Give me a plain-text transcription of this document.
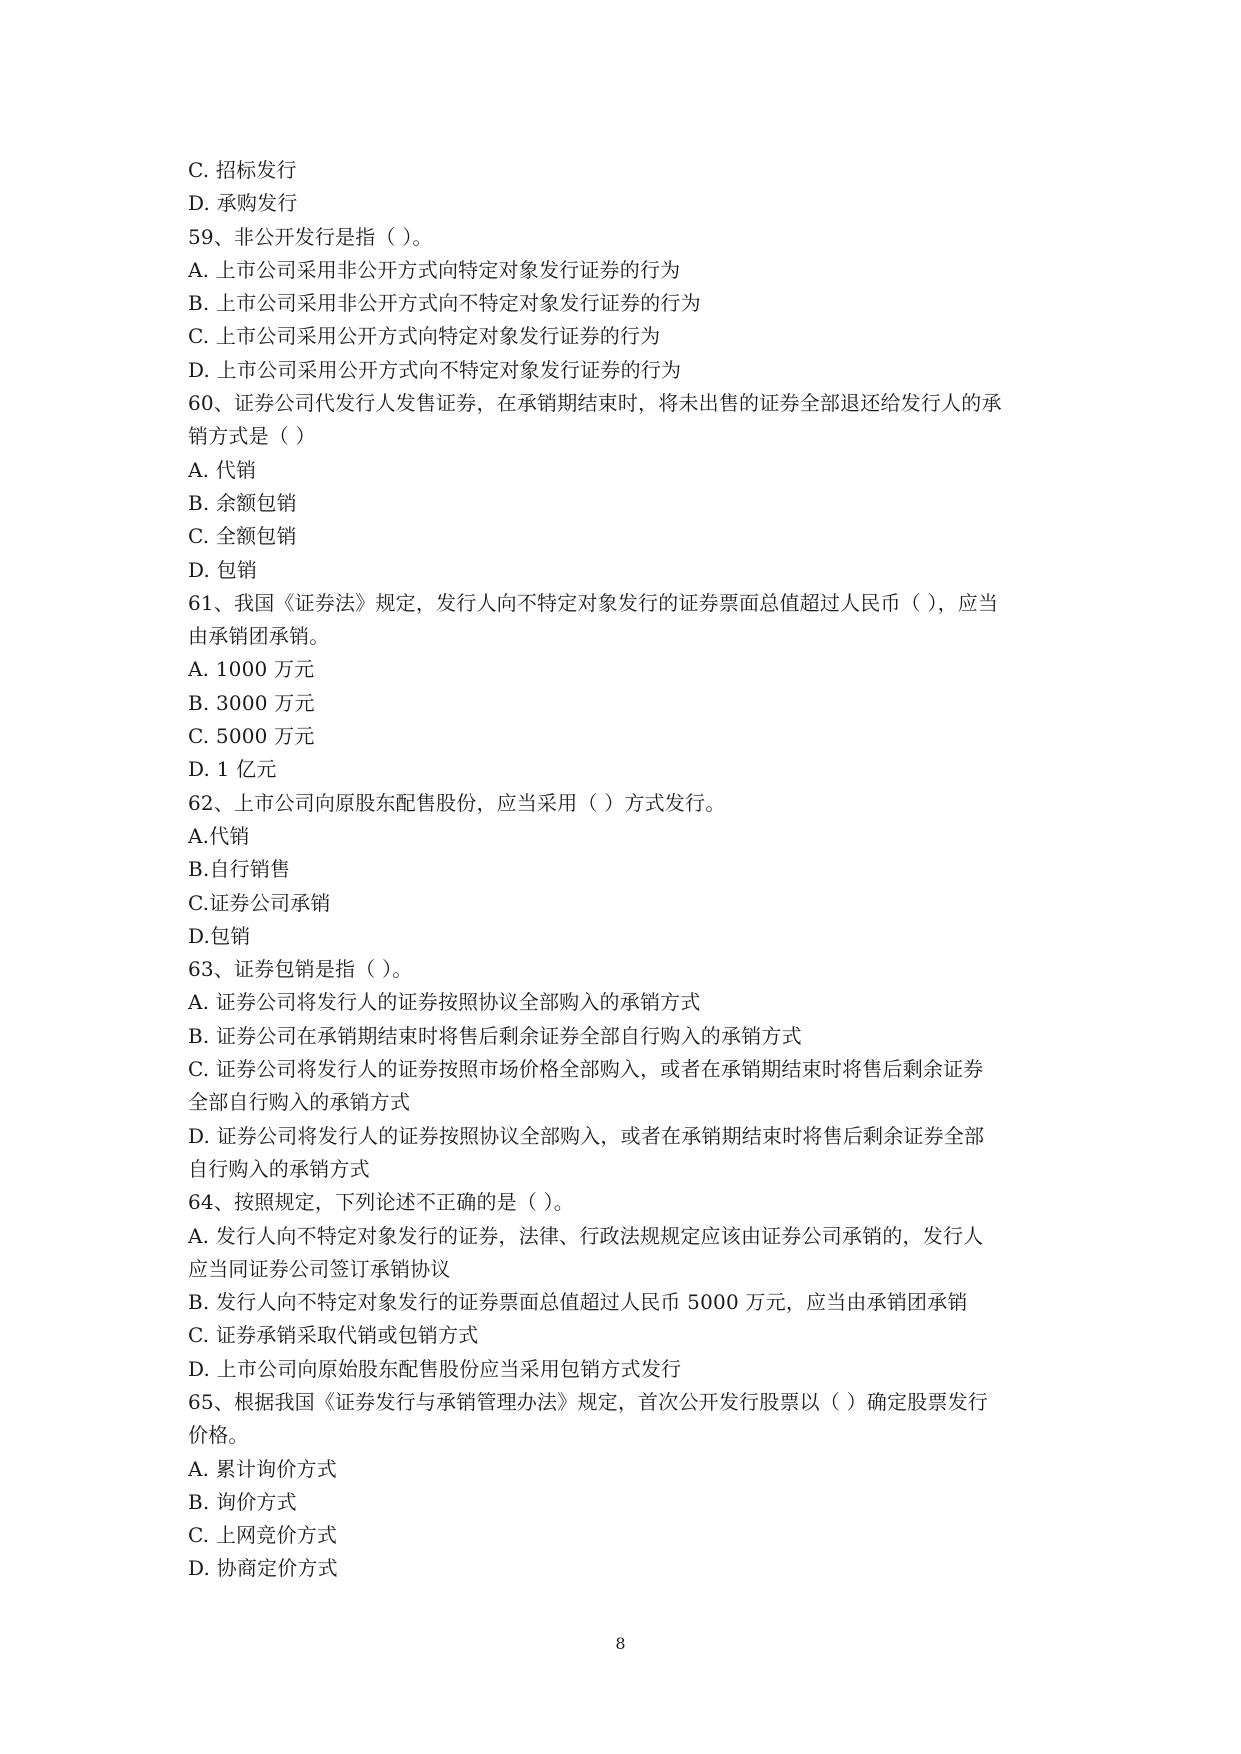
C. 招标发行
D. 承购发行
59、非公开发行是指（ ）。
A. 上市公司采用非公开方式向特定对象发行证券的行为
B. 上市公司采用非公开方式向不特定对象发行证券的行为
C. 上市公司采用公开方式向特定对象发行证券的行为
D. 上市公司采用公开方式向不特定对象发行证券的行为
60、证券公司代发行人发售证券，在承销期结束时，将未出售的证券全部退还给发行人的承
销方式是（ ）
A. 代销
B. 余额包销
C. 全额包销
D. 包销
61、我国《证券法》规定，发行人向不特定对象发行的证券票面总值超过人民币（ ），应当
由承销团承销。
A. 1000 万元
B. 3000 万元
C. 5000 万元
D. 1 亿元
62、上市公司向原股东配售股份，应当采用（ ）方式发行。
A.代销
B.自行销售
C.证券公司承销
D.包销
63、证券包销是指（ ）。
A. 证券公司将发行人的证券按照协议全部购入的承销方式
B. 证券公司在承销期结束时将售后剩余证券全部自行购入的承销方式
C. 证券公司将发行人的证券按照市场价格全部购入，或者在承销期结束时将售后剩余证券
全部自行购入的承销方式
D. 证券公司将发行人的证券按照协议全部购入，或者在承销期结束时将售后剩余证券全部
自行购入的承销方式
64、按照规定，下列论述不正确的是（ ）。
A. 发行人向不特定对象发行的证券，法律、行政法规规定应该由证券公司承销的，发行人
应当同证券公司签订承销协议
B. 发行人向不特定对象发行的证券票面总值超过人民币 5000 万元，应当由承销团承销
C. 证券承销采取代销或包销方式
D. 上市公司向原始股东配售股份应当采用包销方式发行
65、根据我国《证券发行与承销管理办法》规定，首次公开发行股票以（ ）确定股票发行
价格。
A. 累计询价方式
B. 询价方式
C. 上网竞价方式
D. 协商定价方式
8
